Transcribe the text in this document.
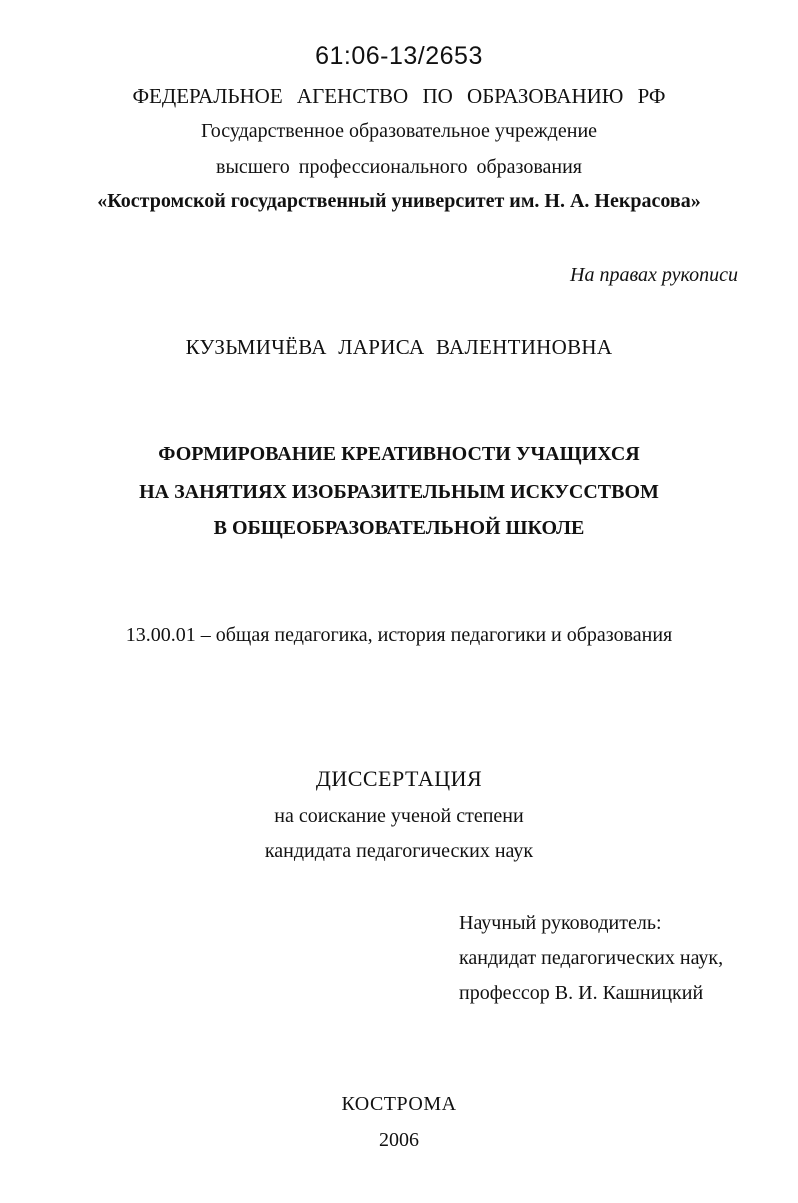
61:06-13/2653
ФЕДЕРАЛЬНОЕ АГЕНСТВО ПО ОБРАЗОВАНИЮ РФ
Государственное образовательное учреждение
высшего профессионального образования
«Костромской государственный университет им. Н. А. Некрасова»
На правах рукописи
КУЗЬМИЧЁВА ЛАРИСА ВАЛЕНТИНОВНА
ФОРМИРОВАНИЕ КРЕАТИВНОСТИ УЧАЩИХСЯ
НА ЗАНЯТИЯХ ИЗОБРАЗИТЕЛЬНЫМ ИСКУССТВОМ
В ОБЩЕОБРАЗОВАТЕЛЬНОЙ ШКОЛЕ
13.00.01 – общая педагогика, история педагогики и образования
ДИССЕРТАЦИЯ
на соискание ученой степени
кандидата педагогических наук
Научный руководитель:
кандидат педагогических наук,
профессор В. И. Кашницкий
КОСТРОМА
2006
